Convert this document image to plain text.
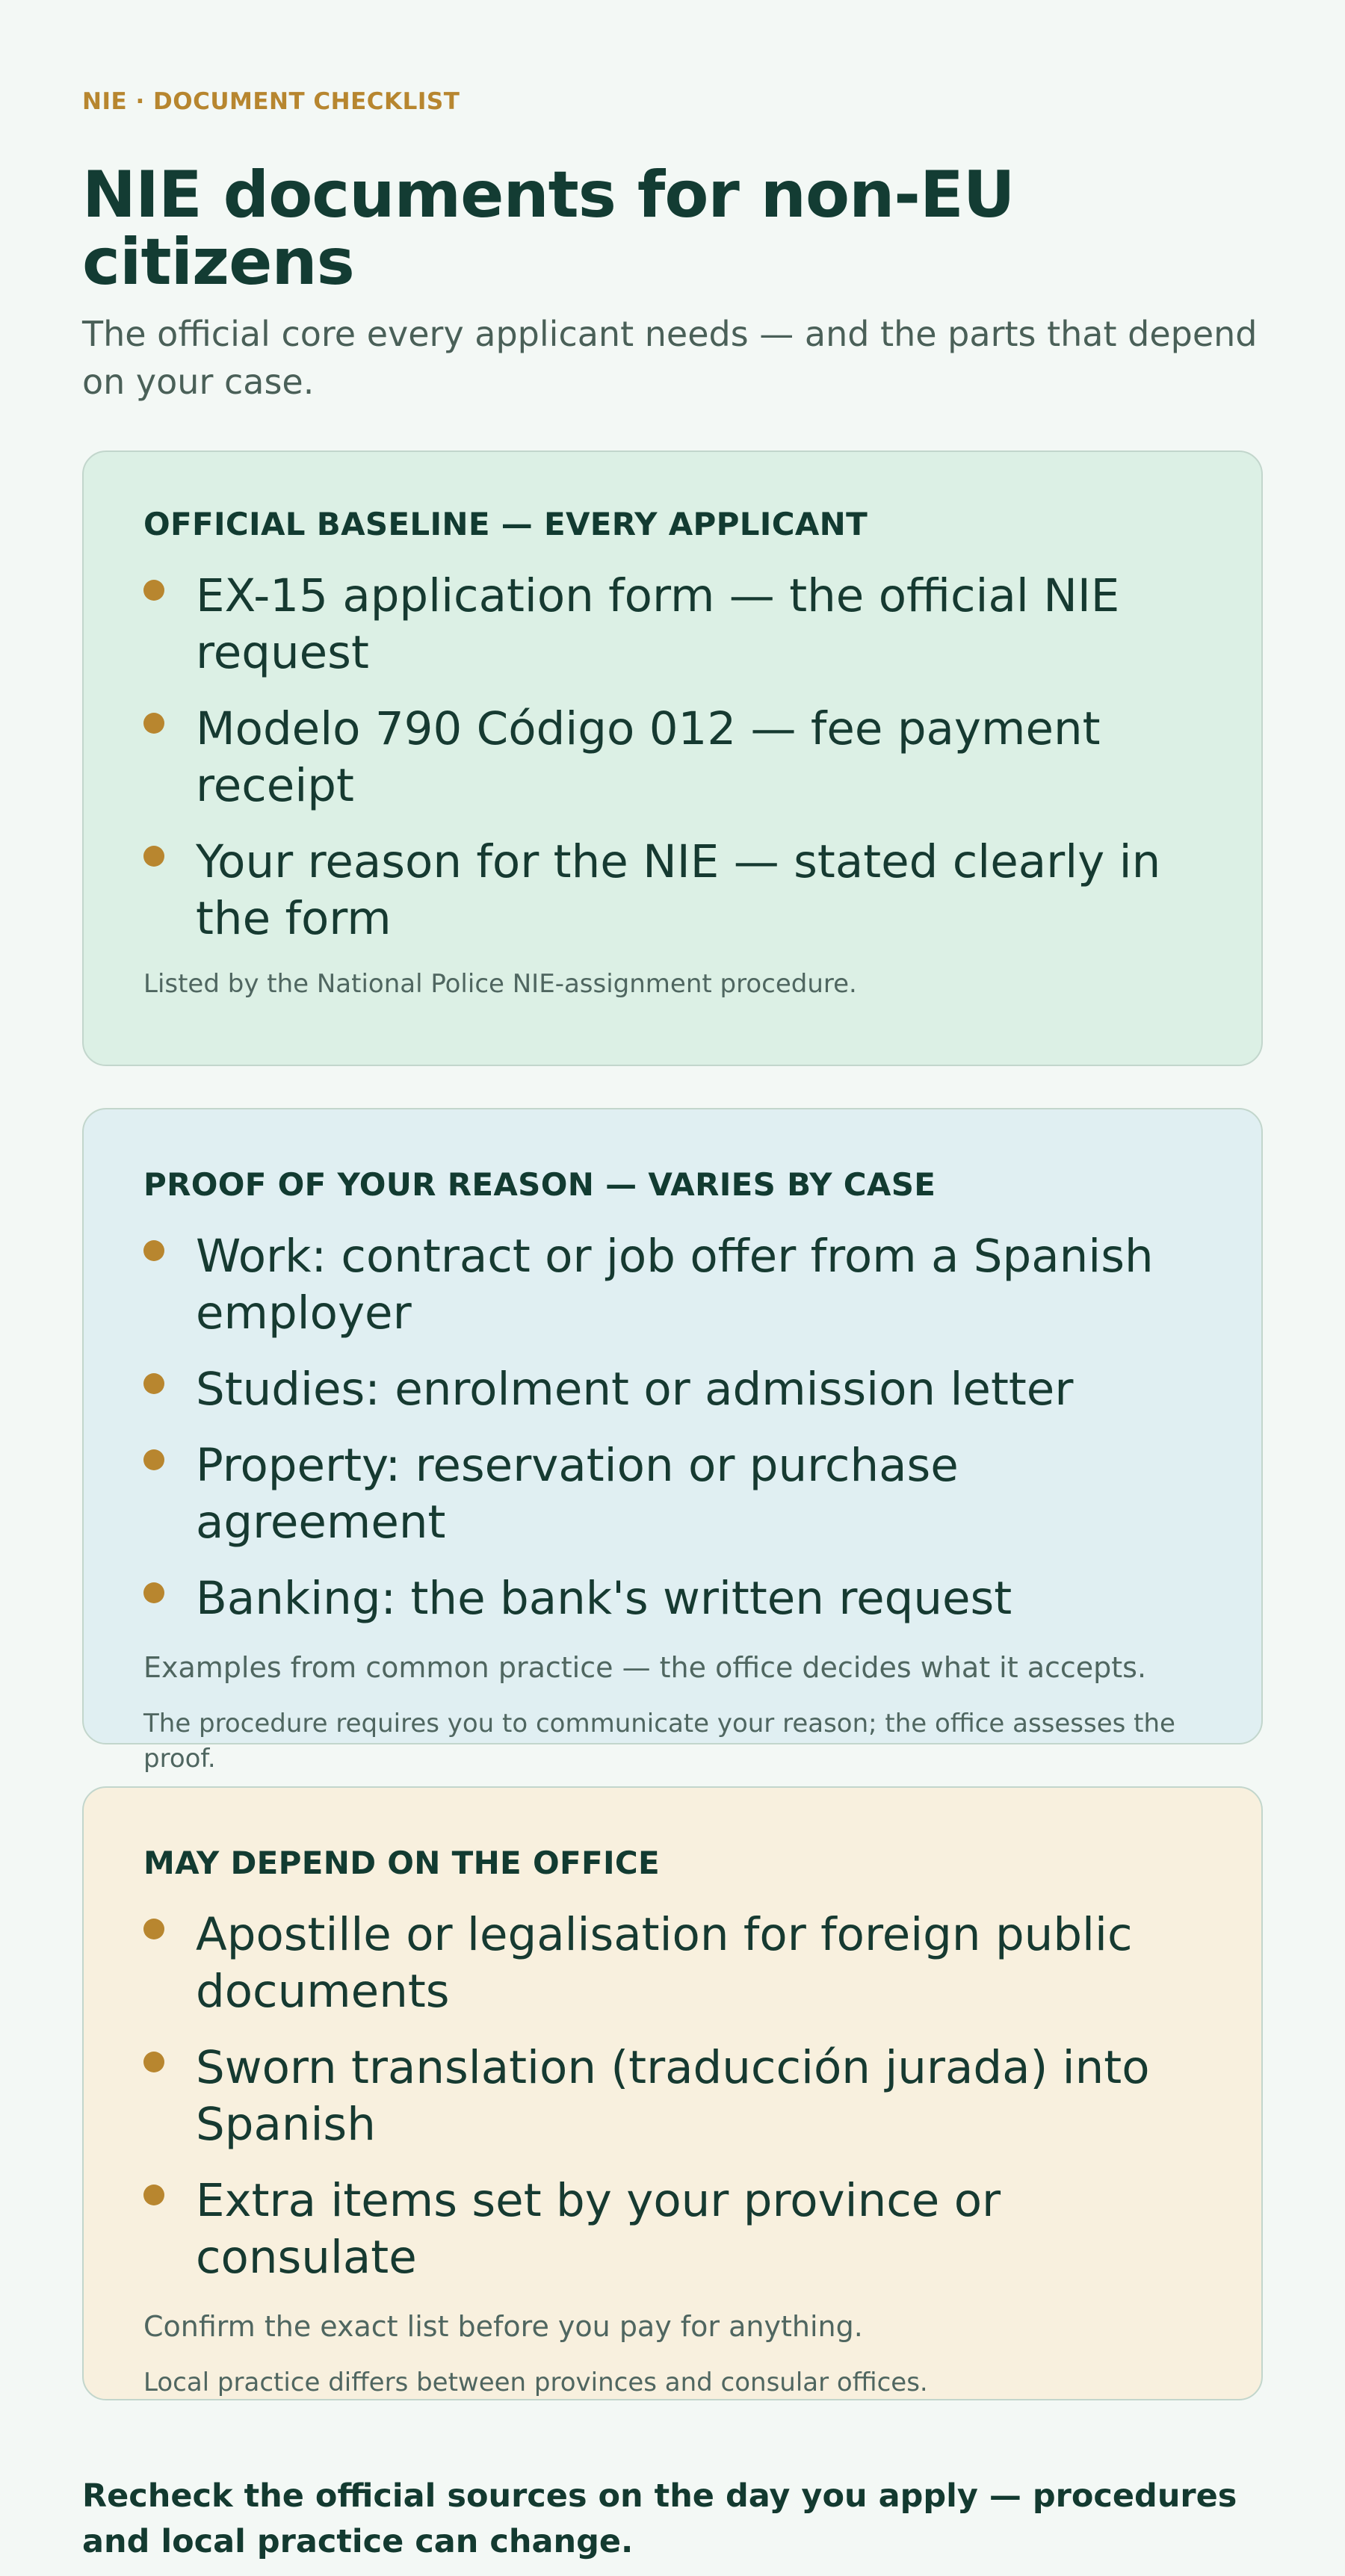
NIE · DOCUMENT CHECKLIST
NIE documents for non-EU citizens
The official core every applicant needs — and the parts that depend on your case.
OFFICIAL BASELINE — EVERY APPLICANT
EX-15 application form — the official NIE request
Modelo 790 Código 012 — fee payment receipt
Your reason for the NIE — stated clearly in the form
Listed by the National Police NIE-assignment procedure.
PROOF OF YOUR REASON — VARIES BY CASE
Work: contract or job offer from a Spanish employer
Studies: enrolment or admission letter
Property: reservation or purchase agreement
Banking: the bank's written request
Examples from common practice — the office decides what it accepts.
The procedure requires you to communicate your reason; the office assesses the proof.
MAY DEPEND ON THE OFFICE
Apostille or legalisation for foreign public documents
Sworn translation (traducción jurada) into Spanish
Extra items set by your province or consulate
Confirm the exact list before you pay for anything.
Local practice differs between provinces and consular offices.
Recheck the official sources on the day you apply — procedures and local practice can change.
